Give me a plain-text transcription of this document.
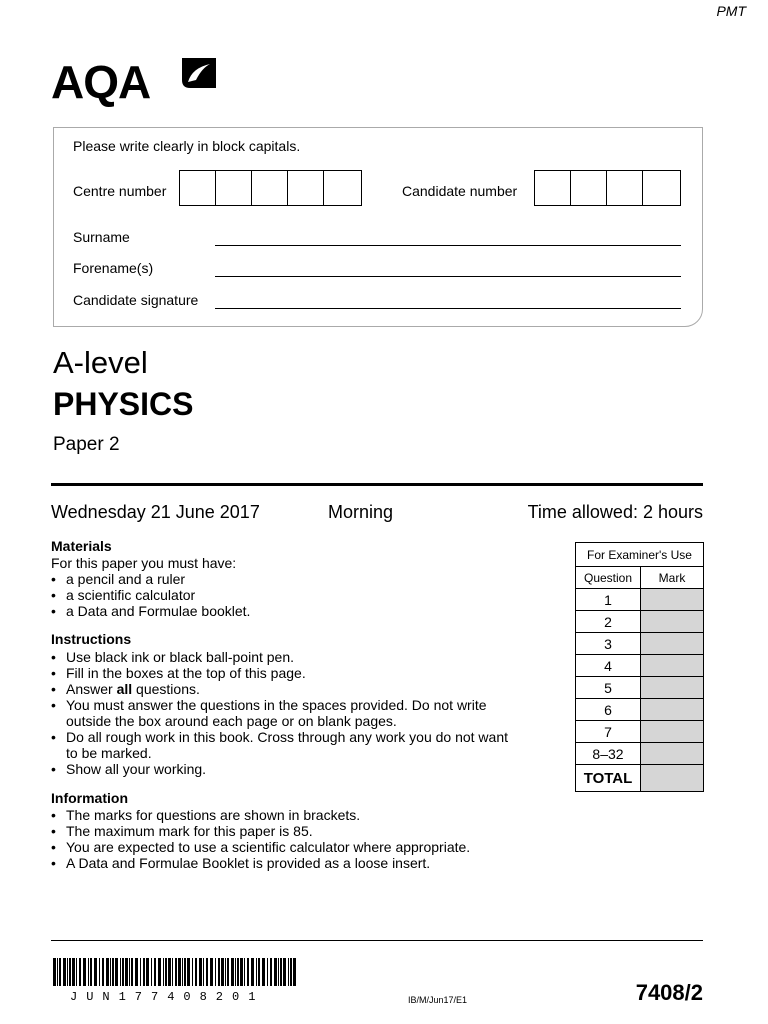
PMT
AQA
Please write clearly in block capitals.
Centre number	Candidate number
Surname
Forename(s)
Candidate signature
A-level
PHYSICS
Paper 2
Wednesday 21 June 2017	Morning	Time allowed: 2 hours
Materials
For this paper you must have:
• a pencil and a ruler
• a scientific calculator
• a Data and Formulae booklet.
Instructions
• Use black ink or black ball-point pen.
• Fill in the boxes at the top of this page.
• Answer all questions.
• You must answer the questions in the spaces provided. Do not write outside the box around each page or on blank pages.
• Do all rough work in this book. Cross through any work you do not want to be marked.
• Show all your working.
Information
• The marks for questions are shown in brackets.
• The maximum mark for this paper is 85.
• You are expected to use a scientific calculator where appropriate.
• A Data and Formulae Booklet is provided as a loose insert.
For Examiner's Use	
Question	Mark
1	
2	
3	
4	
5	
6	
7	
8–32	
TOTAL	
JUN177408201	IB/M/Jun17/E1	7408/2
